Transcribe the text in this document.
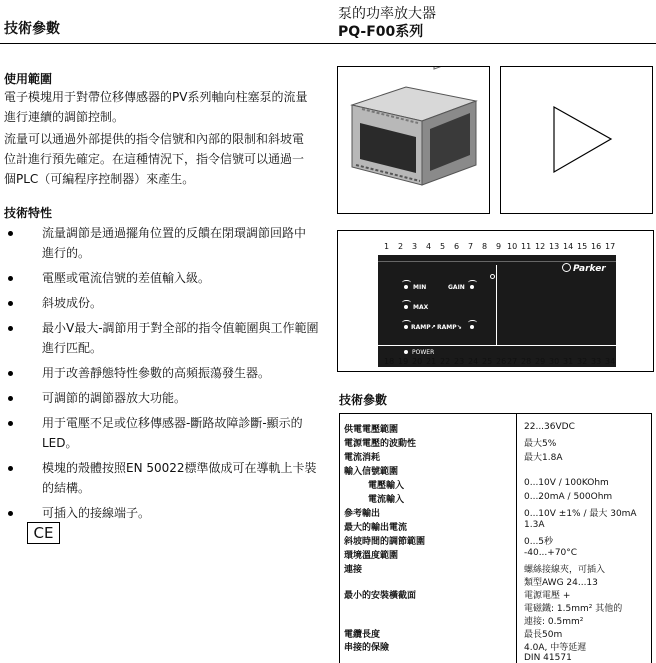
技術參數
泵的功率放大器
PQ-F00系列
使用範圍
電子模塊用于對帶位移傳感器的PV系列軸向柱塞泵的流量
進行連續的調節控制。
流量可以通過外部提供的指令信號和內部的限制和斜坡電
位計進行預先確定。在這種情況下，指令信號可以通過一
個PLC（可編程序控制器）來產生。
技術特性
流量調節是通過擺角位置的反饋在閉環調節回路中
進行的。
電壓或電流信號的差值輸入級。
斜坡成份。
最小V最大-調節用于對全部的指令值範圍與工作範圍
進行匹配。
用于改善靜態特性參數的高頻振蕩發生器。
可調節的調節器放大功能。
用于電壓不足或位移傳感器-斷路故障診斷-顯示的
LED。
模塊的殼體按照EN 50022標準做成可在導軌上卡裝
的結構。
可插入的接線端子。
CE
1 2 3 4 5 6 7 8 9 10 11 12 13 14 15 16 17
Parker
MIN	GAIN
MAX
RAMP↗ RAMP↘
POWER
18 19 20 21 22 23 24 25 26 27 28 29 30 31 32 33 34
技術參數
供電電壓範圍	22...36VDC
電源電壓的波動性	最大5%
電流消耗	最大1.8A
輸入信號範圍
電壓輸入	0...10V / 100KOhm
電流輸入	0...20mA / 500Ohm
參考輸出	0...10V ±1% / 最大 30mA
最大的輸出電流	1.3A
斜坡時間的調節範圍	0...5秒
環境溫度範圍	-40...+70°C
連接	螺絲接線夾，可插入
類型AWG 24...13
最小的安裝橫截面	電源電壓 +
電磁鐵: 1.5mm² 其他的
連接: 0.5mm²
電纜長度	最長50m
串接的保險	4.0A, 中等延遲
DIN 41571
